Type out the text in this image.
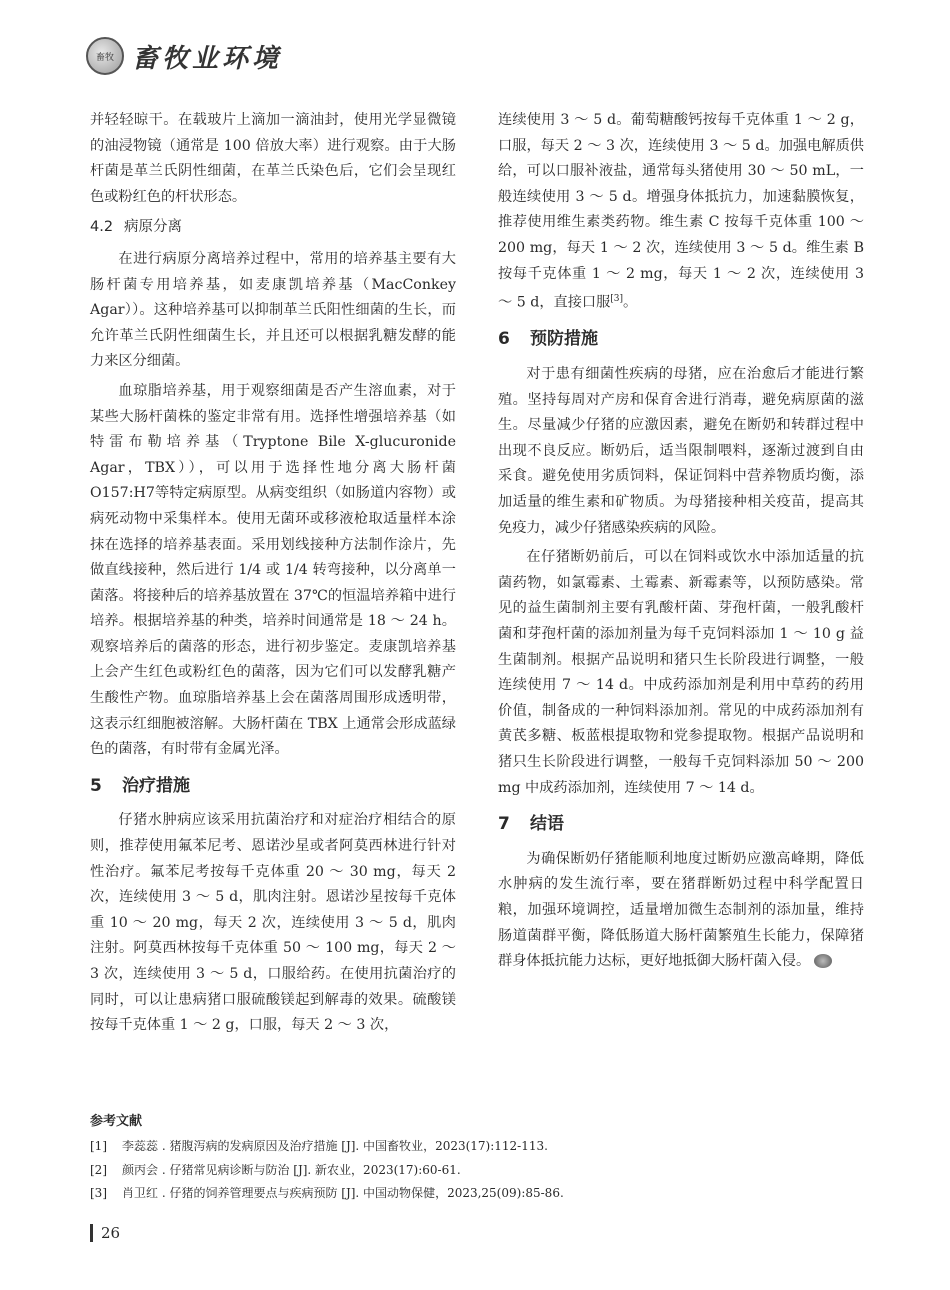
畜牧 畜牧业环境

并轻轻晾干。在载玻片上滴加一滴油封，使用光学显微镜的油浸物镜（通常是 100 倍放大率）进行观察。由于大肠杆菌是革兰氏阴性细菌，在革兰氏染色后，它们会呈现红色或粉红色的杆状形态。

4.2 病原分离

在进行病原分离培养过程中，常用的培养基主要有大肠杆菌专用培养基，如麦康凯培养基（MacConkey Agar））。这种培养基可以抑制革兰氏阳性细菌的生长，而允许革兰氏阴性细菌生长，并且还可以根据乳糖发酵的能力来区分细菌。

血琼脂培养基，用于观察细菌是否产生溶血素，对于某些大肠杆菌株的鉴定非常有用。选择性增强培养基（如特雷布勒培养基（Tryptone Bile X-glucuronide Agar，TBX）），可以用于选择性地分离大肠杆菌O157:H7等特定病原型。从病变组织（如肠道内容物）或病死动物中采集样本。使用无菌环或移液枪取适量样本涂抹在选择的培养基表面。采用划线接种方法制作涂片，先做直线接种，然后进行 1/4 或 1/4 转弯接种，以分离单一菌落。将接种后的培养基放置在 37℃的恒温培养箱中进行培养。根据培养基的种类，培养时间通常是 18 ～ 24 h。观察培养后的菌落的形态，进行初步鉴定。麦康凯培养基上会产生红色或粉红色的菌落，因为它们可以发酵乳糖产生酸性产物。血琼脂培养基上会在菌落周围形成透明带，这表示红细胞被溶解。大肠杆菌在 TBX 上通常会形成蓝绿色的菌落，有时带有金属光泽。

5 治疗措施

仔猪水肿病应该采用抗菌治疗和对症治疗相结合的原则，推荐使用氟苯尼考、恩诺沙星或者阿莫西林进行针对性治疗。氟苯尼考按每千克体重 20 ～ 30 mg，每天 2 次，连续使用 3 ～ 5 d，肌肉注射。恩诺沙星按每千克体重 10 ～ 20 mg，每天 2 次，连续使用 3 ～ 5 d，肌肉注射。阿莫西林按每千克体重 50 ～ 100 mg，每天 2 ～ 3 次，连续使用 3 ～ 5 d，口服给药。在使用抗菌治疗的同时，可以让患病猪口服硫酸镁起到解毒的效果。硫酸镁按每千克体重 1 ～ 2 g，口服，每天 2 ～ 3 次，

连续使用 3 ～ 5 d。葡萄糖酸钙按每千克体重 1 ～ 2 g，口服，每天 2 ～ 3 次，连续使用 3 ～ 5 d。加强电解质供给，可以口服补液盐，通常每头猪使用 30 ～ 50 mL，一般连续使用 3 ～ 5 d。增强身体抵抗力，加速黏膜恢复，推荐使用维生素类药物。维生素 C 按每千克体重 100 ～ 200 mg，每天 1 ～ 2 次，连续使用 3 ～ 5 d。维生素 B 按每千克体重 1 ～ 2 mg，每天 1 ～ 2 次，连续使用 3 ～ 5 d，直接口服[3]。

6 预防措施

对于患有细菌性疾病的母猪，应在治愈后才能进行繁殖。坚持每周对产房和保育舍进行消毒，避免病原菌的滋生。尽量减少仔猪的应激因素，避免在断奶和转群过程中出现不良反应。断奶后，适当限制喂料，逐渐过渡到自由采食。避免使用劣质饲料，保证饲料中营养物质均衡，添加适量的维生素和矿物质。为母猪接种相关疫苗，提高其免疫力，减少仔猪感染疾病的风险。

在仔猪断奶前后，可以在饲料或饮水中添加适量的抗菌药物，如氯霉素、土霉素、新霉素等，以预防感染。常见的益生菌制剂主要有乳酸杆菌、芽孢杆菌，一般乳酸杆菌和芽孢杆菌的添加剂量为每千克饲料添加 1 ～ 10 g 益生菌制剂。根据产品说明和猪只生长阶段进行调整，一般连续使用 7 ～ 14 d。中成药添加剂是利用中草药的药用价值，制备成的一种饲料添加剂。常见的中成药添加剂有黄芪多糖、板蓝根提取物和党参提取物。根据产品说明和猪只生长阶段进行调整，一般每千克饲料添加 50 ～ 200 mg 中成药添加剂，连续使用 7 ～ 14 d。

7 结语

为确保断奶仔猪能顺利地度过断奶应激高峰期，降低水肿病的发生流行率，要在猪群断奶过程中科学配置日粮，加强环境调控，适量增加微生态制剂的添加量，维持肠道菌群平衡，降低肠道大肠杆菌繁殖生长能力，保障猪群身体抵抗能力达标，更好地抵御大肠杆菌入侵。

参考文献
[1]	李蕊蕊 . 猪腹泻病的发病原因及治疗措施 [J]. 中国畜牧业，2023(17):112-113.
[2]	颜丙会 . 仔猪常见病诊断与防治 [J]. 新农业，2023(17):60-61.
[3]	肖卫红 . 仔猪的饲养管理要点与疾病预防 [J]. 中国动物保健，2023,25(09):85-86.
26
